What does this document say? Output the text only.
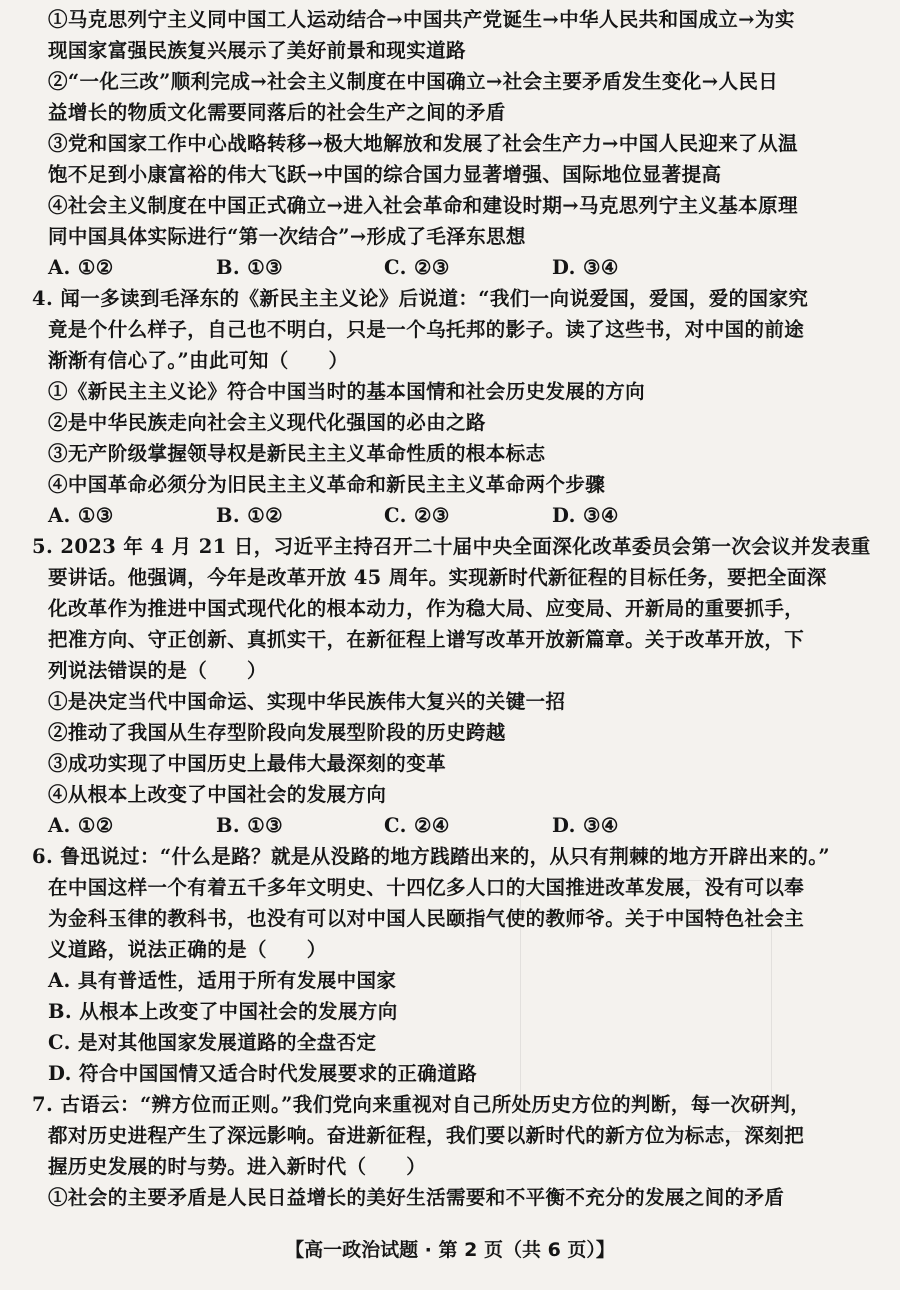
①马克思列宁主义同中国工人运动结合→中国共产党诞生→中华人民共和国成立→为实
现国家富强民族复兴展示了美好前景和现实道路
②“一化三改”顺利完成→社会主义制度在中国确立→社会主要矛盾发生变化→人民日
益增长的物质文化需要同落后的社会生产之间的矛盾
③党和国家工作中心战略转移→极大地解放和发展了社会生产力→中国人民迎来了从温
饱不足到小康富裕的伟大飞跃→中国的综合国力显著增强、国际地位显著提高
④社会主义制度在中国正式确立→进入社会革命和建设时期→马克思列宁主义基本原理
同中国具体实际进行“第一次结合”→形成了毛泽东思想
A. ①②	B. ①③	C. ②③	D. ③④
4. 闻一多读到毛泽东的《新民主主义论》后说道：“我们一向说爱国，爱国，爱的国家究
竟是个什么样子，自己也不明白，只是一个乌托邦的影子。读了这些书，对中国的前途
渐渐有信心了。”由此可知（　　）
①《新民主主义论》符合中国当时的基本国情和社会历史发展的方向
②是中华民族走向社会主义现代化强国的必由之路
③无产阶级掌握领导权是新民主主义革命性质的根本标志
④中国革命必须分为旧民主主义革命和新民主主义革命两个步骤
A. ①③	B. ①②	C. ②③	D. ③④
5. 2023 年 4 月 21 日，习近平主持召开二十届中央全面深化改革委员会第一次会议并发表重
要讲话。他强调，今年是改革开放 45 周年。实现新时代新征程的目标任务，要把全面深
化改革作为推进中国式现代化的根本动力，作为稳大局、应变局、开新局的重要抓手，
把准方向、守正创新、真抓实干，在新征程上谱写改革开放新篇章。关于改革开放，下
列说法错误的是（　　）
①是决定当代中国命运、实现中华民族伟大复兴的关键一招
②推动了我国从生存型阶段向发展型阶段的历史跨越
③成功实现了中国历史上最伟大最深刻的变革
④从根本上改变了中国社会的发展方向
A. ①②	B. ①③	C. ②④	D. ③④
6. 鲁迅说过：“什么是路？就是从没路的地方践踏出来的，从只有荆棘的地方开辟出来的。”
在中国这样一个有着五千多年文明史、十四亿多人口的大国推进改革发展，没有可以奉
为金科玉律的教科书，也没有可以对中国人民颐指气使的教师爷。关于中国特色社会主
义道路，说法正确的是（　　）
A. 具有普适性，适用于所有发展中国家
B. 从根本上改变了中国社会的发展方向
C. 是对其他国家发展道路的全盘否定
D. 符合中国国情又适合时代发展要求的正确道路
7. 古语云：“辨方位而正则。”我们党向来重视对自己所处历史方位的判断，每一次研判，
都对历史进程产生了深远影响。奋进新征程，我们要以新时代的新方位为标志，深刻把
握历史发展的时与势。进入新时代（　　）
①社会的主要矛盾是人民日益增长的美好生活需要和不平衡不充分的发展之间的矛盾
【高一政治试题 · 第 2 页（共 6 页）】
